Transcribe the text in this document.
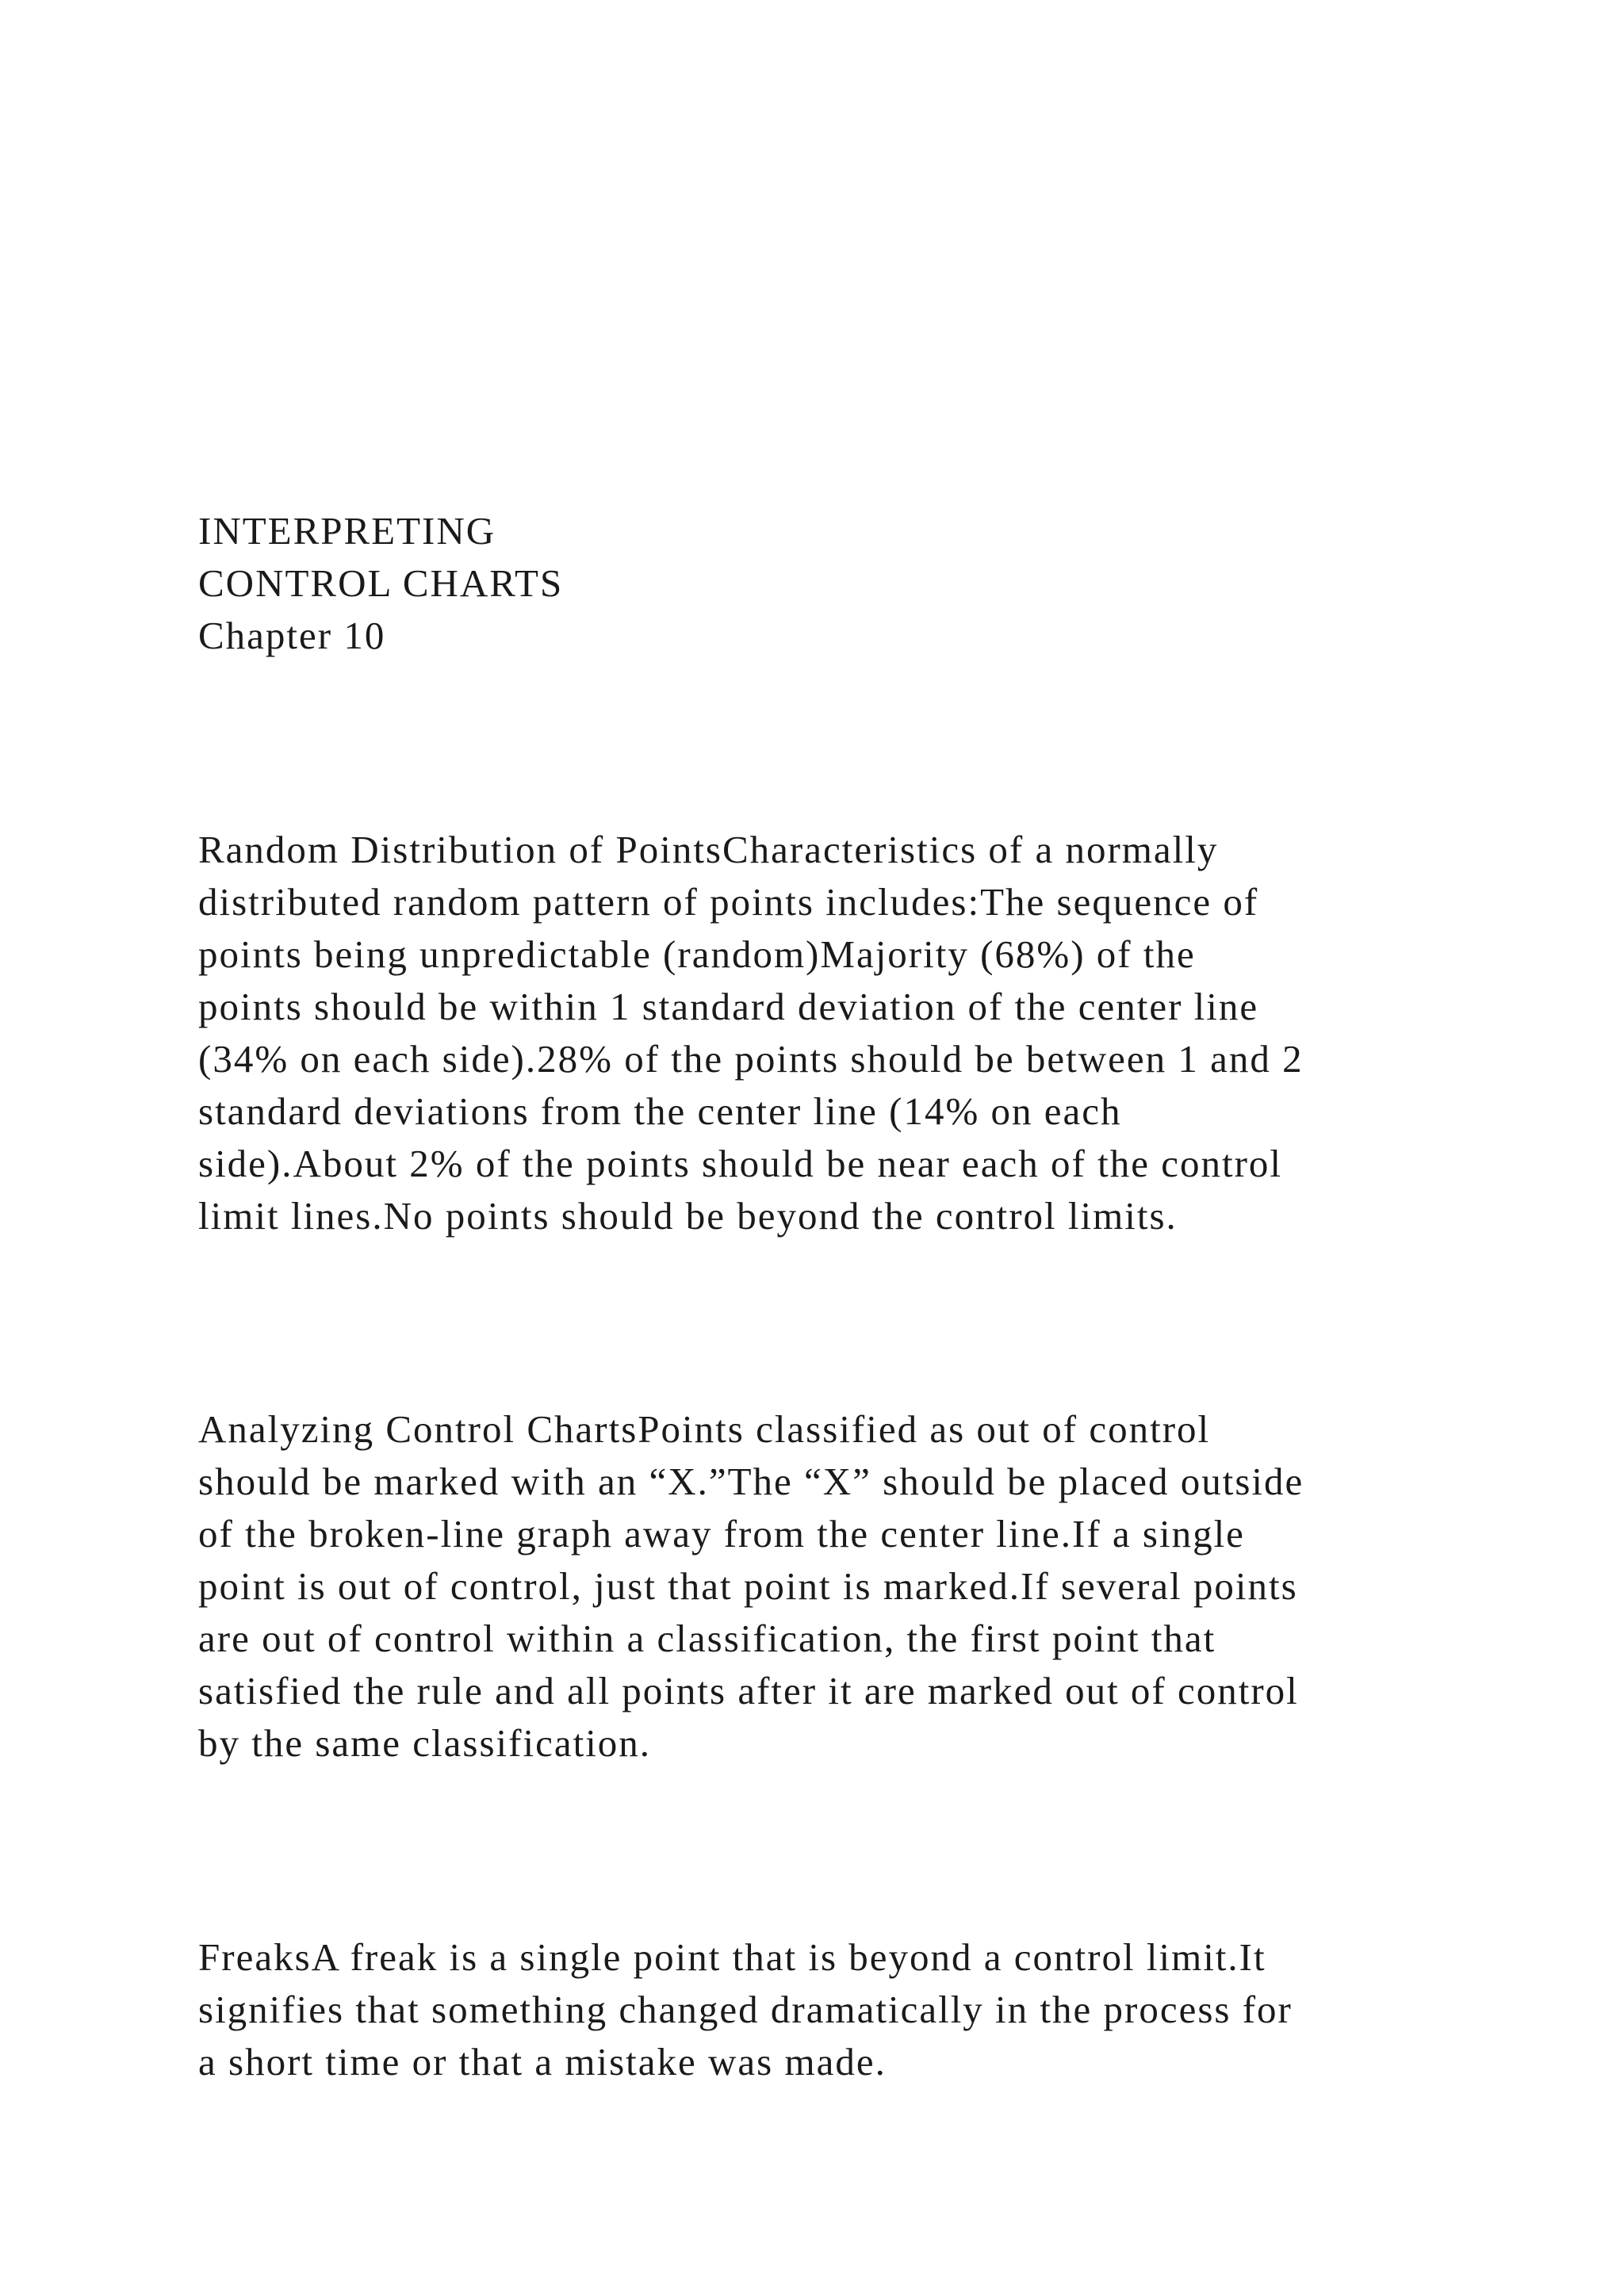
INTERPRETING

CONTROL CHARTS

Chapter 10

Random Distribution of PointsCharacteristics of a normally

distributed random pattern of points includes:The sequence of

points being unpredictable (random)Majority (68%) of the

points should be within 1 standard deviation of the center line

(34% on each side).28% of the points should be between 1 and 2

standard deviations from the center line (14% on each

side).About 2% of the points should be near each of the control

limit lines.No points should be beyond the control limits.

Analyzing Control ChartsPoints classified as out of control

should be marked with an “X.”The “X” should be placed outside

of the broken-line graph away from the center line.If a single

point is out of control, just that point is marked.If several points

are out of control within a classification, the first point that

satisfied the rule and all points after it are marked out of control

by the same classification.

FreaksA freak is a single point that is beyond a control limit.It

signifies that something changed dramatically in the process for

a short time or that a mistake was made.
